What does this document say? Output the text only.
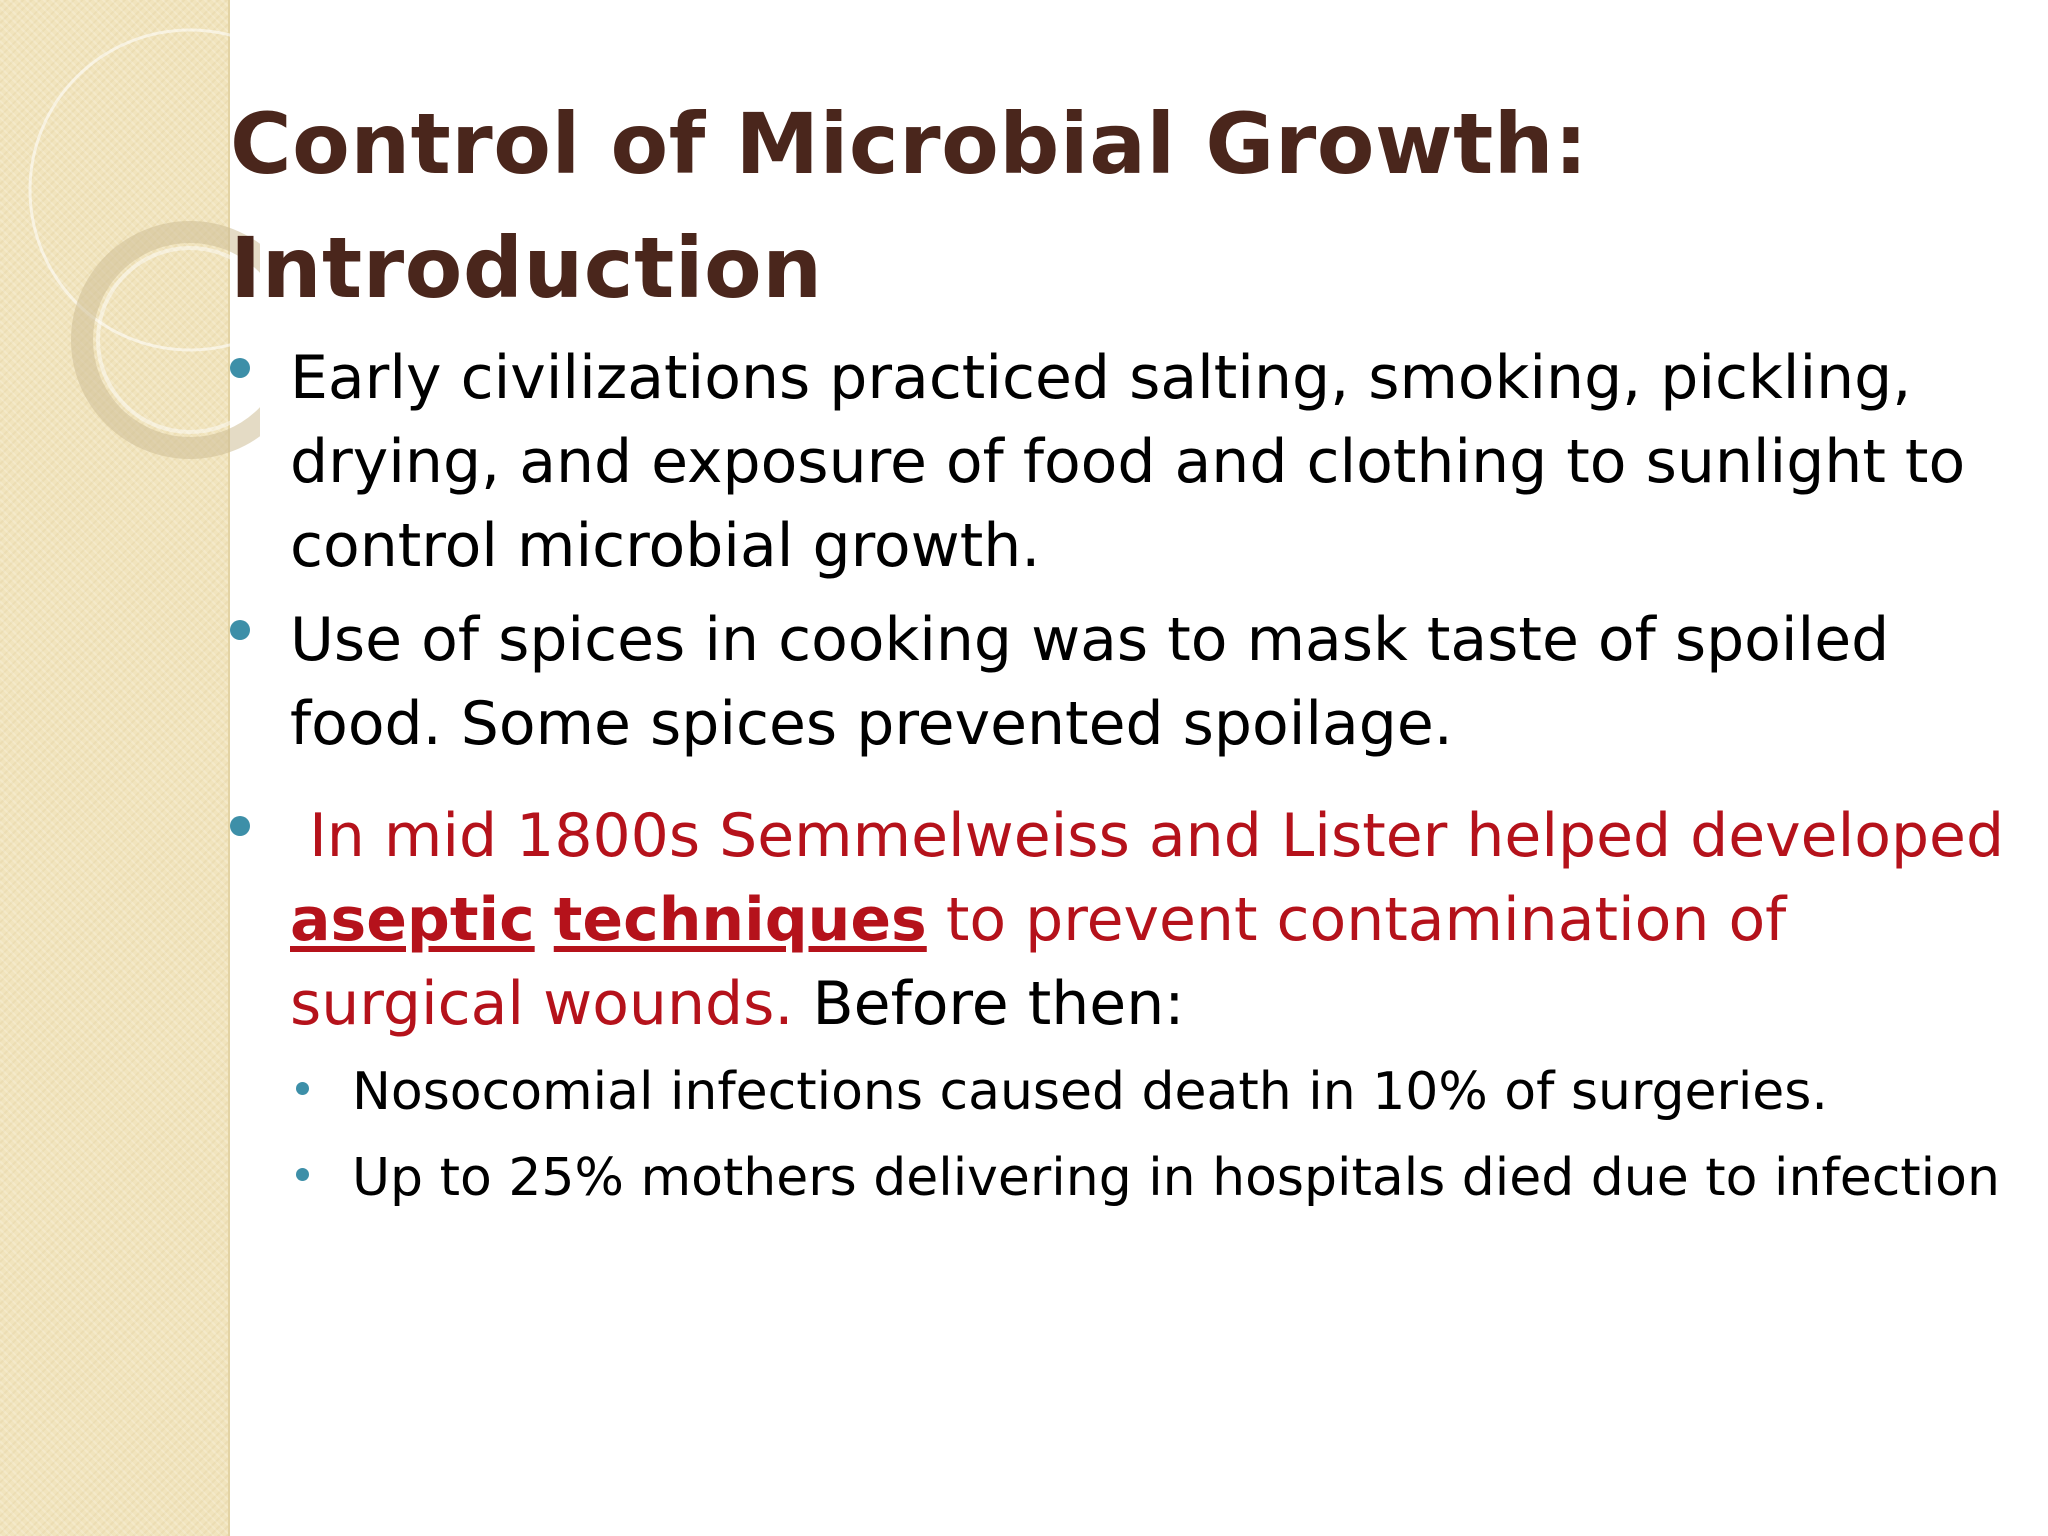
Control of Microbial Growth:
Introduction
Early civilizations practiced salting, smoking, pickling, drying, and exposure of food and clothing to sunlight to control microbial growth.
Use of spices in cooking was to mask taste of spoiled food. Some spices prevented spoilage.
In mid 1800s Semmelweiss and Lister helped developed aseptic techniques to prevent contamination of surgical wounds. Before then:
Nosocomial infections caused death in 10% of surgeries.
Up to 25% mothers delivering in hospitals died due to infection
